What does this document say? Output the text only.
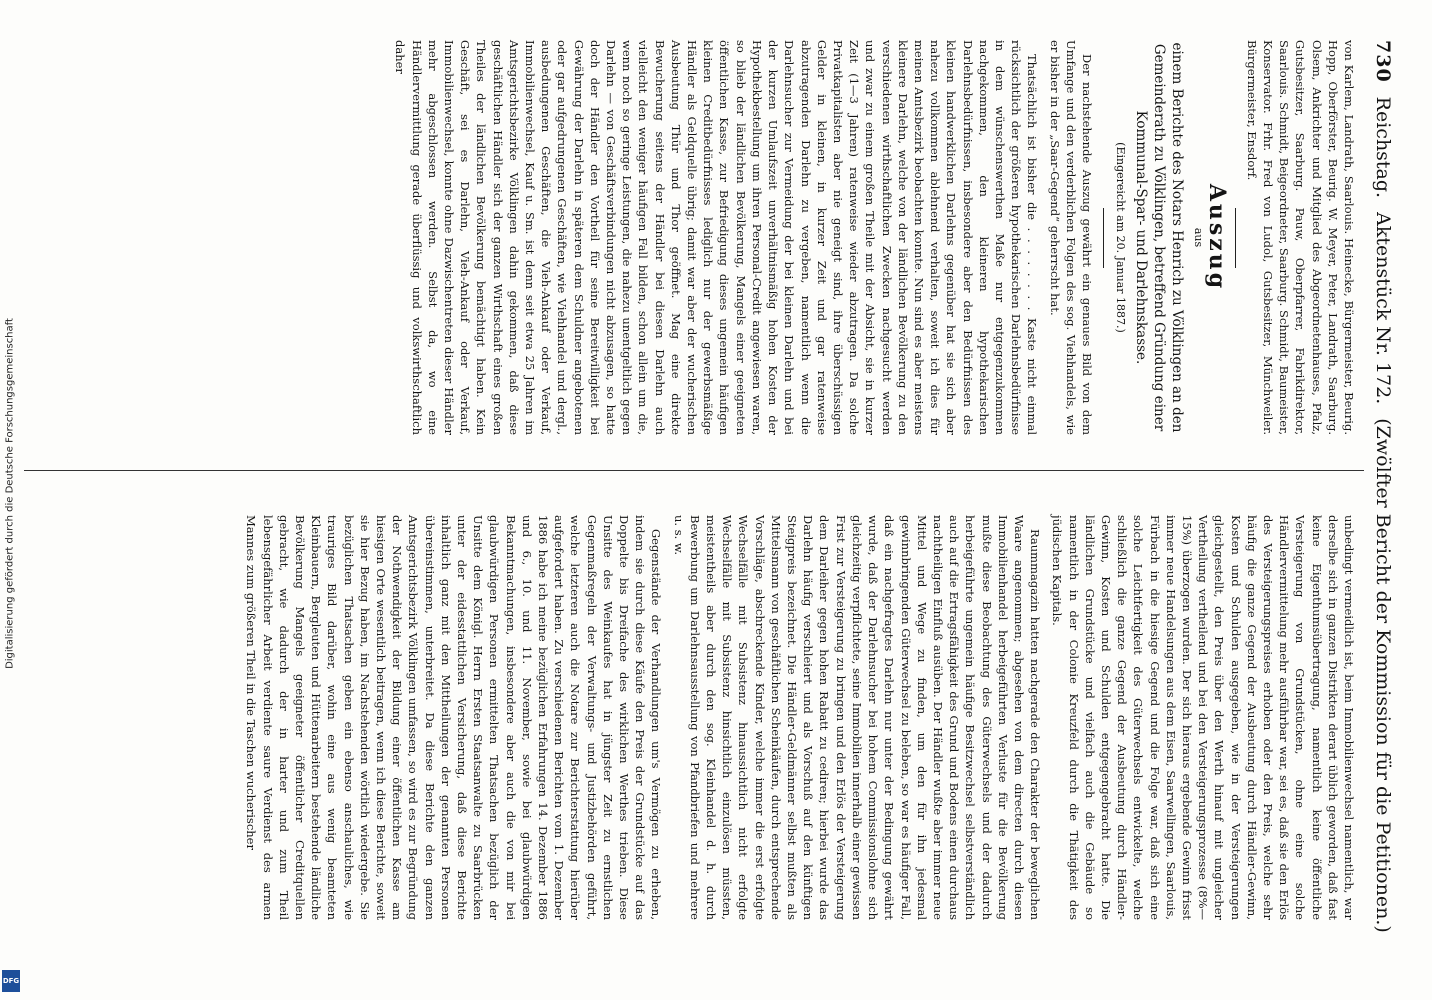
730
Reichstag.
Aktenstück Nr. 172.
(Zwölfter Bericht der Kommission für die Petitionen.)

von Karlem, Landrath, Saarlouis. Heinecke, Bürgermeister, Beurig. Hopp, Oberförster, Beurig. W. Meyer, Peter, Landrath, Saarburg. Olsem, Ankrichter und Mitglied des Abgeordnetenhauses, Pfalz, Gutsbesitzer, Saarburg. Pauw, Oberpfarrer, Fabrikdirektor, Saarlouis. Schmidt, Beigeordneter, Saarburg. Schmidt, Baumeister, Konservator. Frhr. Fred von Ludol, Gutsbesitzer, Münchweiler. Bürgermeister, Ensdorf.

Auszug
aus
einem Berichte des Notars Henrich zu Völklingen an den Gemeinderath zu Völklingen, betreffend Gründung einer Kommunal-Spar- und Darlehnskasse.
(Eingereicht am 20. Januar 1887.)

Der nachstehende Auszug gewährt ein genaues Bild von dem Umfange und den verderblichen Folgen des sog. Viehhandels, wie er bisher in der „Saar-Gegend“ geherrscht hat.

Thatsächlich ist bisher die . . . . . . . . Kaste nicht einmal rücksichtlich der größeren hypothekarischen Darlehnsbedürfnisse in dem wünschenswerthen Maße nur entgegenzukommen nachgekommen, den kleineren hypothekarischen Darlehnsbedürfnissen, insbesondere aber den Bedürfnissen des kleinen handwerklichen Darlehns gegenüber hat sie sich aber nahezu vollkommen ablehnend verhalten, soweit ich dies für meinen Amtsbezirk beobachten konnte. Nun sind es aber meistens kleinere Darlehn, welche von der ländlichen Bevölkerung zu den verschiedenen wirthschaftlichen Zwecken nachgesucht werden und zwar zu einem großen Theile mit der Absicht, sie in kurzer Zeit (1—3 Jahren) ratenweise wieder abzutragen. Da solche Privatkapitalisten aber nie geneigt sind, ihre überschüssigen Gelder in kleinen, in kurzer Zeit und gar ratenweise abzutragenden Darlehn zu vergeben, namentlich wenn die Darlehnsucher zur Vermeidung der bei kleinen Darlehn und bei der kurzen Umlaufszeit unverhältnismäßig hohen Kosten der Hypothekbestellung um ihren Personal-Credit angewiesen waren, so blieb der ländlichen Bevölkerung, Mangels einer geeigneten öffentlichen Kasse, zur Befriedigung dieses ungemein häufigen kleinen Creditbedürfnisses lediglich nur der gewerbsmäßige Händler als Geldquelle übrig; damit war aber der wucherischen Ausbeutung Thür und Thor geöffnet. Mag eine direkte Bewucherung seitens der Händler bei diesen Darlehn auch vielleicht den weniger häufigen Fall bilden, schon allein um die, wenn noch so geringe Leistungen, die nahezu unentgeltlich gegen Darlehn — von Geschäftsverbindungen nicht abzusagen, so hatte doch der Händler den Vortheil für seine Bereitwilligkeit bei Gewährung der Darlehn in späteren dem Schuldner angebotenen oder gar aufgedrungenen Geschäften, wie Viehhandel und dergl., ausbedungenen Geschäften, die Vieh-Ankauf oder Verkauf, Immobilienwechsel, Kauf u. Sm. ist denn seit etwa 25 Jahren im Amtsgerichtsbezirke Völklingen dahin gekommen, daß diese geschäftlichen Händler sich der ganzen Wirthschaft eines großen Theiles der ländlichen Bevölkerung bemächtigt haben. Kein Geschäft, sei es Darlehn, Vieh-Ankauf oder Verkauf, Immobilienwechsel, konnte ohne Dazwischentreten dieser Händler mehr abgeschlossen werden. Selbst da, wo eine Händlervermittlung gerade überflüssig und volkswirthschaftlich daher

unbedingt vermeidlich ist, beim Immobilienwechsel namentlich, war derselbe sich in ganzen Distrikten derart üblich geworden, daß fast keine Eigenthumsübertragung, namentlich keine öffentliche Versteigerung von Grundstücken, ohne eine solche Händlervermittelung mehr ausführbar war, sei es, daß sie den Erlös des Versteigerungspreises erhoben oder den Preis, welche sehr häufig die ganze Gegend der Ausbeutung durch Händler-Gewinn, Kosten und Schulden ausgegeben, wie in der Versteigerungen gleichgestellt, den Preis über den Werth hinauf mit ungleicher Vertheilung vertheilend und bei den Versteigerungsprozesse (8%—15%) überzogen wurden. Der sich hieraus ergebende Gewinn frisst immer neue Handelsungen aus dem Eisen, Saarwellingen, Saarlouis, Fürbach in die hiesige Gegend und die Folge war, daß sich eine solche Leichtfertigkeit des Güterwechsels entwickelte, welche schließlich die ganze Gegend der Ausbeutung durch Händler-Gewinn, Kosten und Schulden entgegengebracht hatte. Die ländlichen Grundstücke und vielfach auch die Gebäude so namentlich in der Colonie Kreuzfeld durch die Thätigkeit des jüdischen Kapitals.

Raummagazin hatten nachgerade den Charakter der beweglichen Waare angenommen; abgesehen von dem directen durch diesen Immobilienhandel herbeigeführten Verluste für die Bevölkerung mußte diese Beobachtung des Güterwechsels und der dadurch herbeigeführte ungemein häufige Besitzwechsel selbstverständlich auch auf die Ertragsfähigkeit des Grund und Bodens einen durchaus nachtheiligen Einfluß ausüben. Der Händler wußte aber immer neue Mittel und Wege zu finden, um den für ihn jedesmal gewinnbringenden Güterwechsel zu beleben, so war es häufiger Fall, daß ein nachgefragtes Darlehn nur unter der Bedingung gewährt wurde, daß der Darlehnsucher bei hohem Commissionslohne sich gleichzeitig verpflichtete, seine Immobilien innerhalb einer gewissen Frist zur Versteigerung zu bringen und den Erlös der Versteigerung dem Darleiher gegen hohen Rabatt zu cediren; hierbei wurde das Darlehn häufig verschleiert und als Vorschuß auf den künftigen Steigpreis bezeichnet. Die Händler-Geldmänner selbst mußten als Mittelsmann von geschäftlichen Scheinkäufen, durch entsprechende Vorschläge, abschreckende Kinder, welche immer die erst erfolgte Wechselfälle mit Subsistenz hinaussichtlich nicht erfolgte Wechselfälle mit Subsistenz hinsichtlich einzulösen müssten, meistentheils aber durch den sog. Kleinhandel d. h. durch Bewerbung um Darlehnsausstellung von Pfandbriefen und mehrere u. s. w.

Gegenstände der Verhandlungen um's Vermögen zu erheben, indem sie durch diese Käufe den Preis der Grundstücke auf das Doppelte bis Dreifache des wirklichen Werthes trieben. Diese Unsitte des Weinkaufes hat in jüngster Zeit zu ernstlichen Gegenmaßregeln der Verwaltungs- und Justizbehörden geführt, welche letzteren auch die Notare zur Berichterstattung hierüber aufgefordert haben. Zu verschiedenen Berichten vom 1. Dezember 1886 habe ich meine bezüglichen Erfahrungen 14. Dezember 1886 und 6., 10. und 11. November, sowie bei glaubwürdigen Bekanntmachungen, insbesondere aber auch die von mir bei glaubwürdigen Personen ermittelten Thatsachen bezüglich der Unsitte dem Königl. Herrn Ersten Staatsanwalte zu Saarbrücken unter der eidesstattlichen Versicherung, daß diese Berichte inhaltlich ganz mit den Mittheilungen der genannten Personen übereinstimmen, unterbreitet. Da diese Berichte den ganzen Amtsgerichtsbezirk Völklingen umfassen, so wird es zur Begründung der Nothwendigkeit der Bildung einer öffentlichen Kasse am hiesigen Orte wesentlich beitragen, wenn ich diese Berichte, soweit sie hier Bezug haben, im Nachstehenden wörtlich wiedergebe. Sie bezüglichen Thatsachen geben ein ebenso anschauliches, wie trauriges Bild darüber, wohin eine aus wenig beamteten Kleinbauern, Bergleuten und Hüttenarbeitern bestehende ländliche Bevölkerung Mangels geeigneter öffentlicher Creditquellen gebracht, wie dadurch der in harter und zum Theil lebensgefährlicher Arbeit verdiente saure Verdienst des armen Mannes zum größeren Theil in die Taschen wucherischer

Digitalisierung gefördert durch die Deutsche Forschungsgemeinschaft
DFG
